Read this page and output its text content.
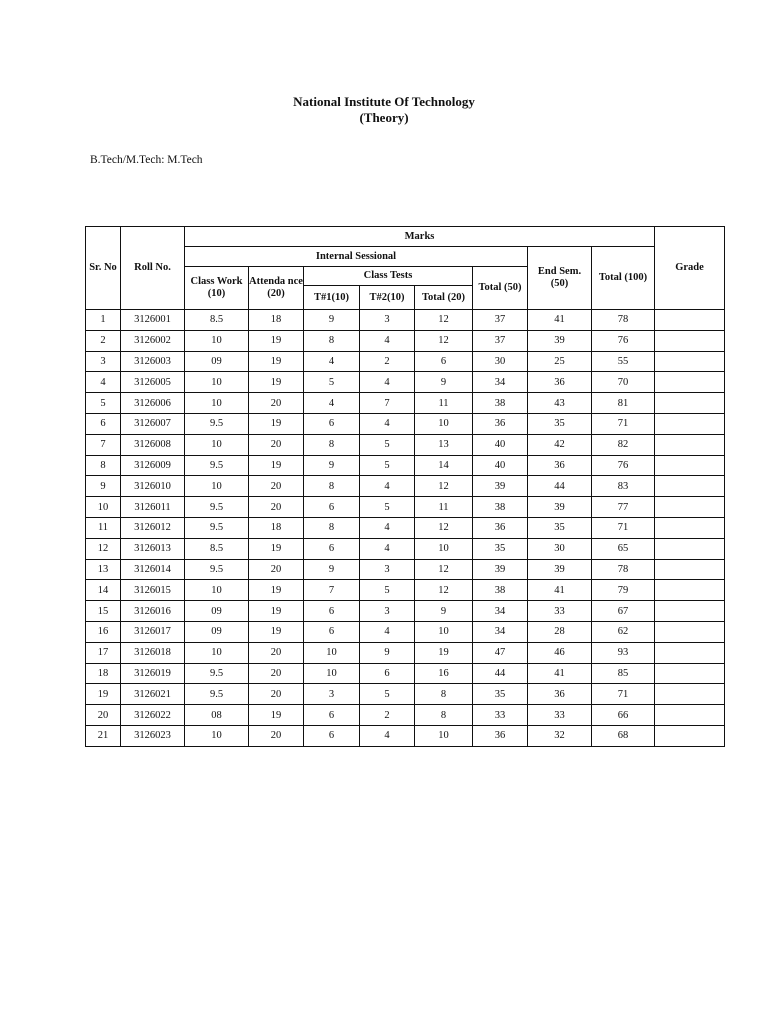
National Institute Of Technology
(Theory)
B.Tech/M.Tech: M.Tech
Sr. No	Roll No.	Marks								Grade
		Internal Sessional						End Sem. (50)	Total (100)	
		Class Work (10)	Attenda nce (20)	Class Tests			Total (50)			
				T#1(10)	T#2(10)	Total (20)				
1	3126001	8.5	18	9	3	12	37	41	78	
2	3126002	10	19	8	4	12	37	39	76	
3	3126003	09	19	4	2	6	30	25	55	
4	3126005	10	19	5	4	9	34	36	70	
5	3126006	10	20	4	7	11	38	43	81	
6	3126007	9.5	19	6	4	10	36	35	71	
7	3126008	10	20	8	5	13	40	42	82	
8	3126009	9.5	19	9	5	14	40	36	76	
9	3126010	10	20	8	4	12	39	44	83	
10	3126011	9.5	20	6	5	11	38	39	77	
11	3126012	9.5	18	8	4	12	36	35	71	
12	3126013	8.5	19	6	4	10	35	30	65	
13	3126014	9.5	20	9	3	12	39	39	78	
14	3126015	10	19	7	5	12	38	41	79	
15	3126016	09	19	6	3	9	34	33	67	
16	3126017	09	19	6	4	10	34	28	62	
17	3126018	10	20	10	9	19	47	46	93	
18	3126019	9.5	20	10	6	16	44	41	85	
19	3126021	9.5	20	3	5	8	35	36	71	
20	3126022	08	19	6	2	8	33	33	66	
21	3126023	10	20	6	4	10	36	32	68	
